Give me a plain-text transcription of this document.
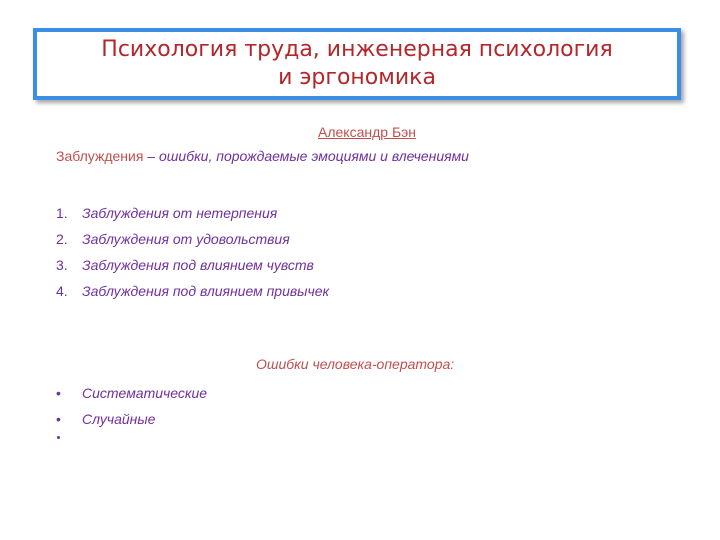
Психология труда, инженерная психология
и эргономика
Александр Бэн
Заблуждения – ошибки, порождаемые эмоциями и влечениями
1. Заблуждения от нетерпения
2. Заблуждения от удовольствия
3. Заблуждения под влиянием чувств
4. Заблуждения под влиянием привычек
Ошибки человека-оператора:
• Систематические
• Случайные
